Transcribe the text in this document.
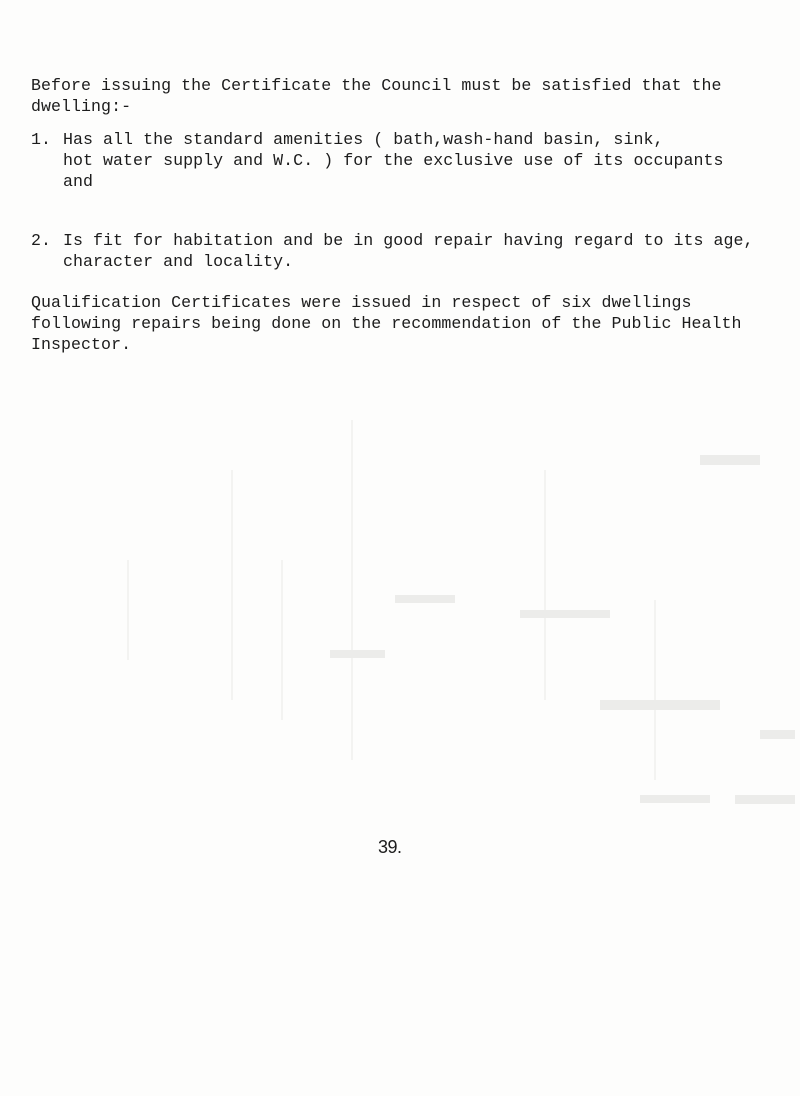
Before issuing the Certificate the Council must be satisfied that the
dwelling:-
1. Has all the standard amenities ( bath,wash-hand basin, sink,
hot water supply and W.C. ) for the exclusive use of its occupants
and
2. Is fit for habitation and be in good repair having regard to its age,
character and locality.
Qualification Certificates were issued in respect of six dwellings
following repairs being done on the recommendation of the Public Health
Inspector.
39.
